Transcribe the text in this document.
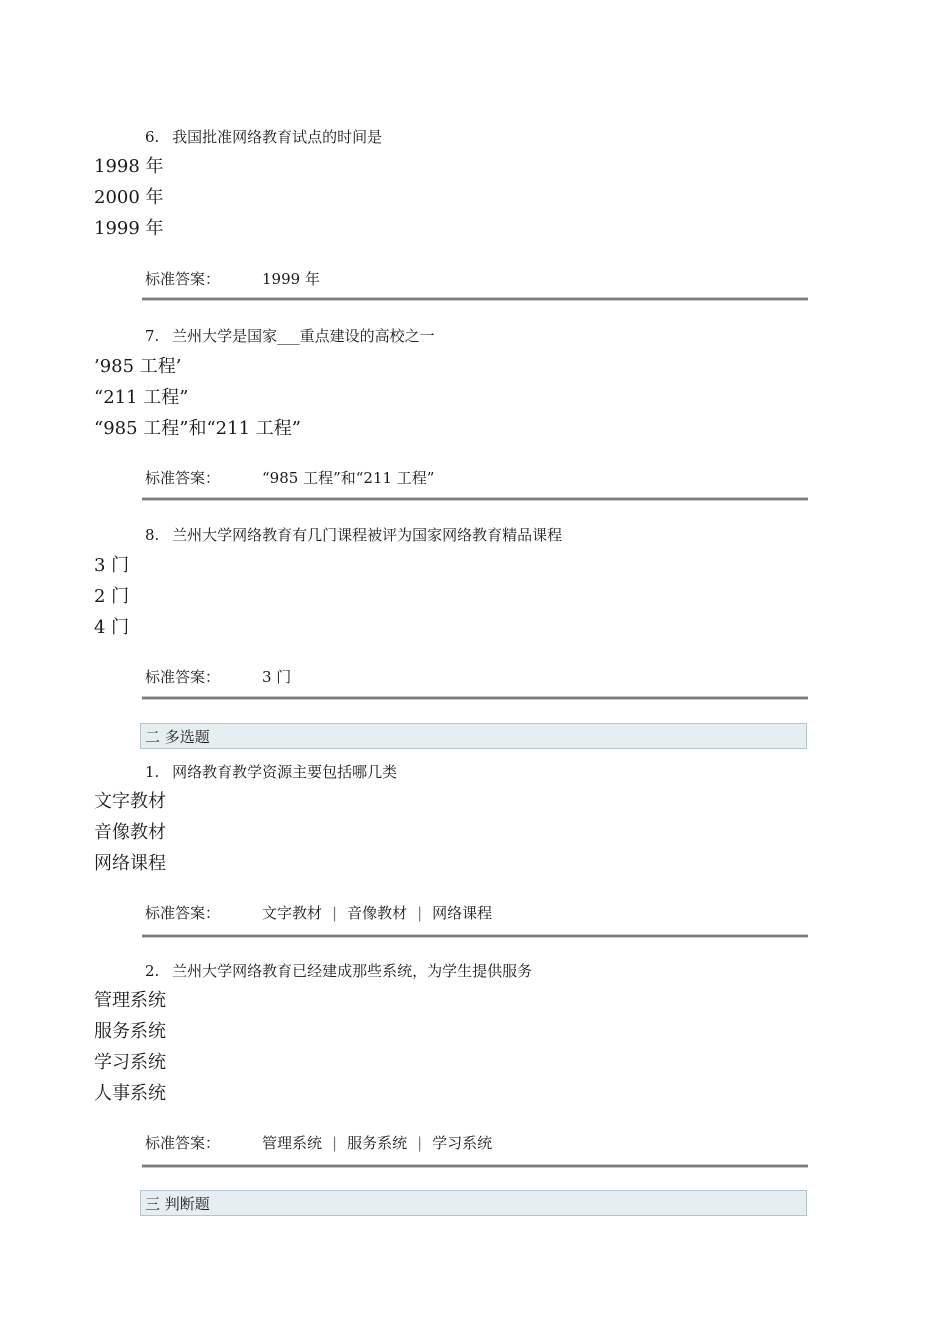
6. 我国批准网络教育试点的时间是
1998 年
2000 年
1999 年
标准答案：	1999 年
7. 兰州大学是国家___重点建设的高校之一
’985 工程’
“211 工程”
“985 工程”和“211 工程”
标准答案：	“985 工程”和“211 工程”
8. 兰州大学网络教育有几门课程被评为国家网络教育精品课程
3 门
2 门
4 门
标准答案：	3 门
二 多选题
1. 网络教育教学资源主要包括哪几类
文字教材
音像教材
网络课程
标准答案：	文字教材 | 音像教材 | 网络课程
2. 兰州大学网络教育已经建成那些系统，为学生提供服务
管理系统
服务系统
学习系统
人事系统
标准答案：	管理系统 | 服务系统 | 学习系统
三 判断题
